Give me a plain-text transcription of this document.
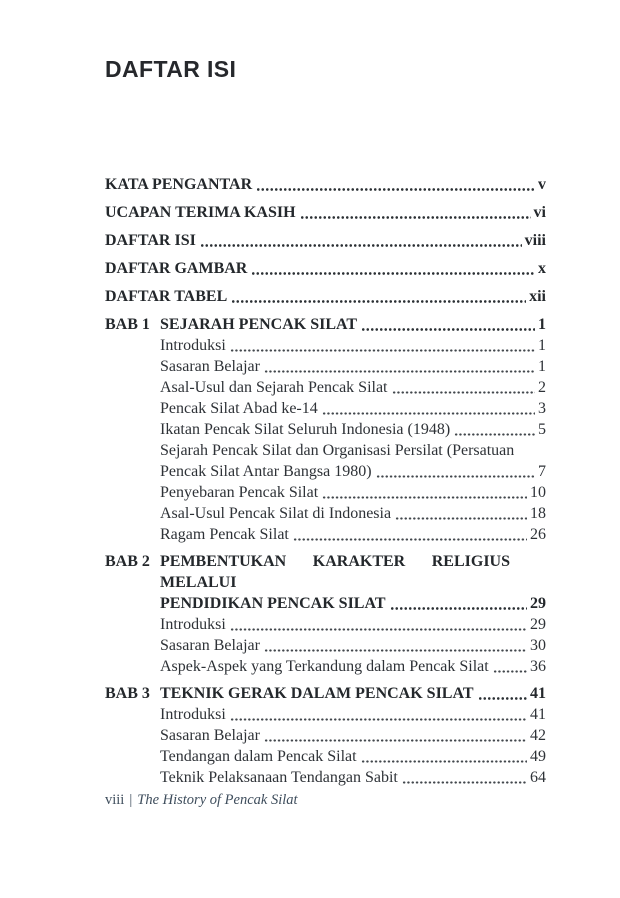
DAFTAR ISI
KATA PENGANTAR	v
UCAPAN TERIMA KASIH	vi
DAFTAR ISI	viii
DAFTAR GAMBAR	x
DAFTAR TABEL	xii
BAB 1 SEJARAH PENCAK SILAT	1
Introduksi	1
Sasaran Belajar	1
Asal-Usul dan Sejarah Pencak Silat	2
Pencak Silat Abad ke-14	3
Ikatan Pencak Silat Seluruh Indonesia (1948)	5
Sejarah Pencak Silat dan Organisasi Persilat (Persatuan
Pencak Silat Antar Bangsa 1980)	7
Penyebaran Pencak Silat	10
Asal-Usul Pencak Silat di Indonesia	18
Ragam Pencak Silat	26
BAB 2 PEMBENTUKAN KARAKTER RELIGIUS MELALUI
PENDIDIKAN PENCAK SILAT	29
Introduksi	29
Sasaran Belajar	30
Aspek-Aspek yang Terkandung dalam Pencak Silat	36
BAB 3 TEKNIK GERAK DALAM PENCAK SILAT	41
Introduksi	41
Sasaran Belajar	42
Tendangan dalam Pencak Silat	49
Teknik Pelaksanaan Tendangan Sabit	64
viii | The History of Pencak Silat
